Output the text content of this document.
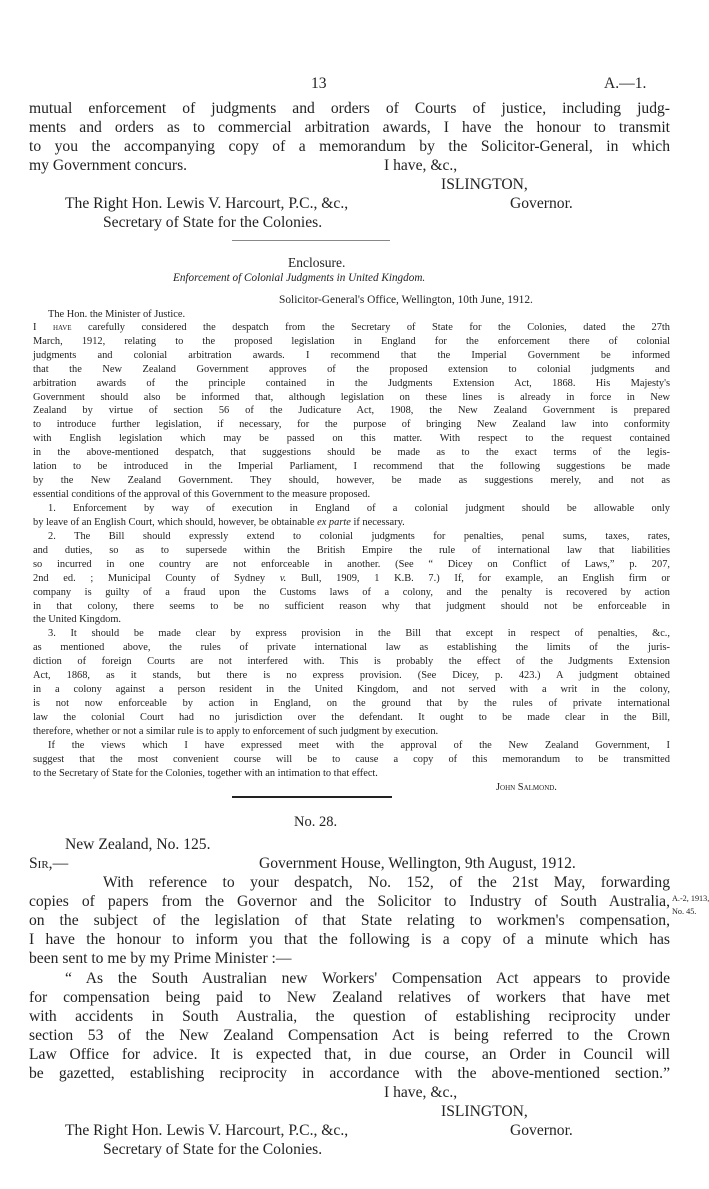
13	A.—1.
mutual enforcement of judgments and orders of Courts of justice, including judg-
ments and orders as to commercial arbitration awards, I have the honour to transmit
to you the accompanying copy of a memorandum by the Solicitor-General, in which
my Government concurs.	I have, &c.,
ISLINGTON,
The Right Hon. Lewis V. Harcourt, P.C., &c.,	Governor.
Secretary of State for the Colonies.
Enclosure.
Enforcement of Colonial Judgments in United Kingdom.
Solicitor-General's Office, Wellington, 10th June, 1912.
The Hon. the Minister of Justice.
I have carefully considered the despatch from the Secretary of State for the Colonies, dated the 27th
March, 1912, relating to the proposed legislation in England for the enforcement there of colonial
judgments and colonial arbitration awards. I recommend that the Imperial Government be informed
that the New Zealand Government approves of the proposed extension to colonial judgments and
arbitration awards of the principle contained in the Judgments Extension Act, 1868. His Majesty's
Government should also be informed that, although legislation on these lines is already in force in New
Zealand by virtue of section 56 of the Judicature Act, 1908, the New Zealand Government is prepared
to introduce further legislation, if necessary, for the purpose of bringing New Zealand law into conformity
with English legislation which may be passed on this matter. With respect to the request contained
in the above-mentioned despatch, that suggestions should be made as to the exact terms of the legis-
lation to be introduced in the Imperial Parliament, I recommend that the following suggestions be made
by the New Zealand Government. They should, however, be made as suggestions merely, and not as
essential conditions of the approval of this Government to the measure proposed.
1. Enforcement by way of execution in England of a colonial judgment should be allowable only
by leave of an English Court, which should, however, be obtainable ex parte if necessary.
2. The Bill should expressly extend to colonial judgments for penalties, penal sums, taxes, rates,
and duties, so as to supersede within the British Empire the rule of international law that liabilities
so incurred in one country are not enforceable in another. (See “ Dicey on Conflict of Laws,” p. 207,
2nd ed. ; Municipal County of Sydney v. Bull, 1909, 1 K.B. 7.) If, for example, an English firm or
company is guilty of a fraud upon the Customs laws of a colony, and the penalty is recovered by action
in that colony, there seems to be no sufficient reason why that judgment should not be enforceable in
the United Kingdom.
3. It should be made clear by express provision in the Bill that except in respect of penalties, &c.,
as mentioned above, the rules of private international law as establishing the limits of the juris-
diction of foreign Courts are not interfered with. This is probably the effect of the Judgments Extension
Act, 1868, as it stands, but there is no express provision. (See Dicey, p. 423.) A judgment obtained
in a colony against a person resident in the United Kingdom, and not served with a writ in the colony,
is not now enforceable by action in England, on the ground that by the rules of private international
law the colonial Court had no jurisdiction over the defendant. It ought to be made clear in the Bill,
therefore, whether or not a similar rule is to apply to enforcement of such judgment by execution.
If the views which I have expressed meet with the approval of the New Zealand Government, I
suggest that the most convenient course will be to cause a copy of this memorandum to be transmitted
to the Secretary of State for the Colonies, together with an intimation to that effect.
John Salmond.
No. 28.
New Zealand, No. 125.
Sir,—	Government House, Wellington, 9th August, 1912.
With reference to your despatch, No. 152, of the 21st May, forwarding
copies of papers from the Governor and the Solicitor to Industry of South Australia,
on the subject of the legislation of that State relating to workmen's compensation,
I have the honour to inform you that the following is a copy of a minute which has
been sent to me by my Prime Minister :—
“ As the South Australian new Workers' Compensation Act appears to provide
for compensation being paid to New Zealand relatives of workers that have met
with accidents in South Australia, the question of establishing reciprocity under
section 53 of the New Zealand Compensation Act is being referred to the Crown
Law Office for advice. It is expected that, in due course, an Order in Council will
be gazetted, establishing reciprocity in accordance with the above-mentioned section.”
A.-2, 1913,
No. 45.
I have, &c.,
ISLINGTON,
The Right Hon. Lewis V. Harcourt, P.C., &c.,	Governor.
Secretary of State for the Colonies.
